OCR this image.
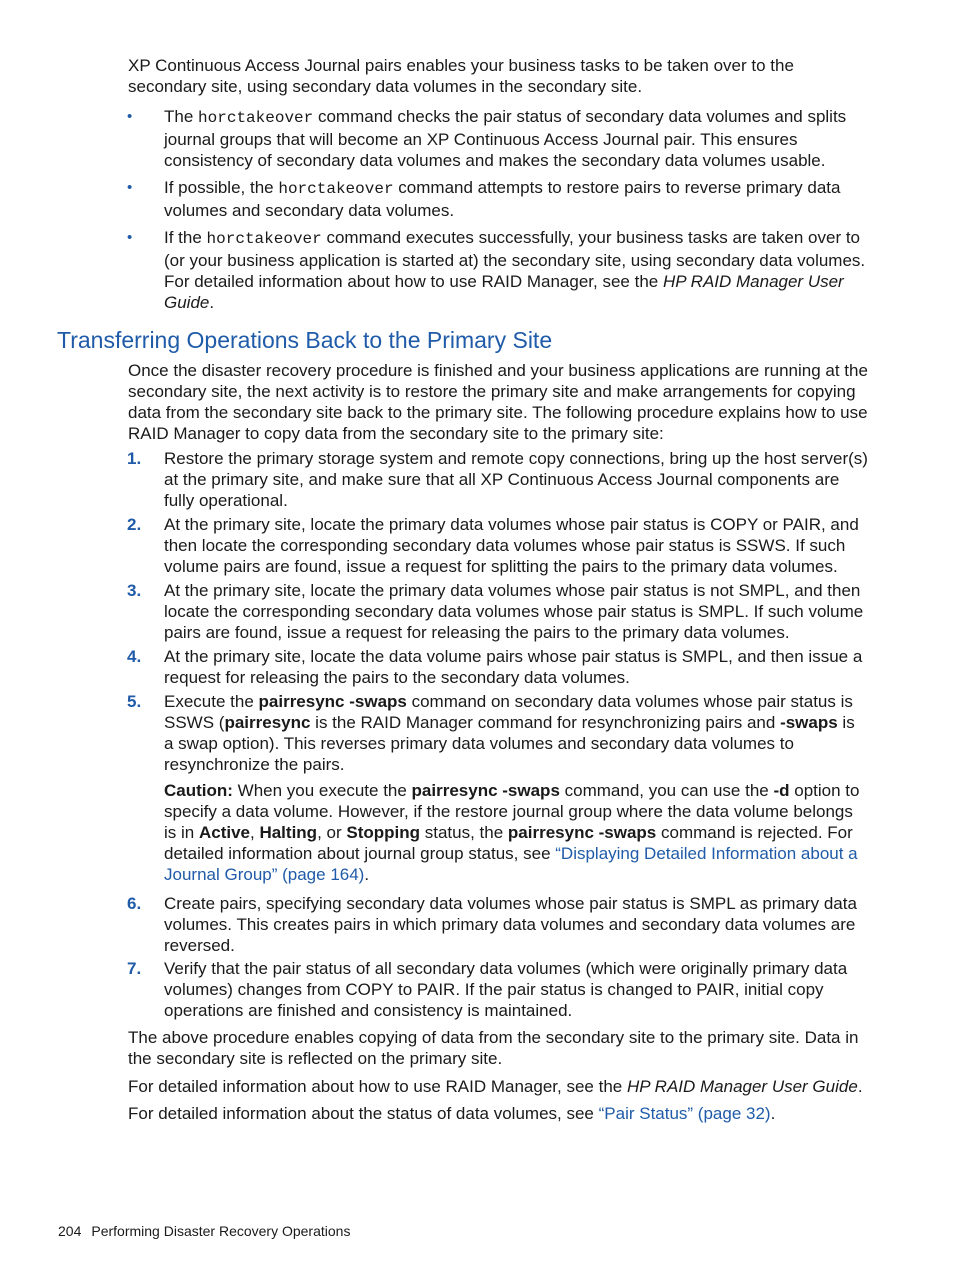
XP Continuous Access Journal pairs enables your business tasks to be taken over to the secondary site, using secondary data volumes in the secondary site.

• The horctakeover command checks the pair status of secondary data volumes and splits journal groups that will become an XP Continuous Access Journal pair. This ensures consistency of secondary data volumes and makes the secondary data volumes usable.
• If possible, the horctakeover command attempts to restore pairs to reverse primary data volumes and secondary data volumes.
• If the horctakeover command executes successfully, your business tasks are taken over to (or your business application is started at) the secondary site, using secondary data volumes. For detailed information about how to use RAID Manager, see the HP RAID Manager User Guide.
Transferring Operations Back to the Primary Site

Once the disaster recovery procedure is finished and your business applications are running at the secondary site, the next activity is to restore the primary site and make arrangements for copying data from the secondary site back to the primary site. The following procedure explains how to use RAID Manager to copy data from the secondary site to the primary site:

1. Restore the primary storage system and remote copy connections, bring up the host server(s) at the primary site, and make sure that all XP Continuous Access Journal components are fully operational.
2. At the primary site, locate the primary data volumes whose pair status is COPY or PAIR, and then locate the corresponding secondary data volumes whose pair status is SSWS. If such volume pairs are found, issue a request for splitting the pairs to the primary data volumes.
3. At the primary site, locate the primary data volumes whose pair status is not SMPL, and then locate the corresponding secondary data volumes whose pair status is SMPL. If such volume pairs are found, issue a request for releasing the pairs to the primary data volumes.
4. At the primary site, locate the data volume pairs whose pair status is SMPL, and then issue a request for releasing the pairs to the secondary data volumes.
5. Execute the pairresync -swaps command on secondary data volumes whose pair status is SSWS (pairresync is the RAID Manager command for resynchronizing pairs and -swaps is a swap option). This reverses primary data volumes and secondary data volumes to resynchronize the pairs.

Caution: When you execute the pairresync -swaps command, you can use the -d option to specify a data volume. However, if the restore journal group where the data volume belongs is in Active, Halting, or Stopping status, the pairresync -swaps command is rejected. For detailed information about journal group status, see “Displaying Detailed Information about a Journal Group” (page 164).

6. Create pairs, specifying secondary data volumes whose pair status is SMPL as primary data volumes. This creates pairs in which primary data volumes and secondary data volumes are reversed.
7. Verify that the pair status of all secondary data volumes (which were originally primary data volumes) changes from COPY to PAIR. If the pair status is changed to PAIR, initial copy operations are finished and consistency is maintained.

The above procedure enables copying of data from the secondary site to the primary site. Data in the secondary site is reflected on the primary site.

For detailed information about how to use RAID Manager, see the HP RAID Manager User Guide.

For detailed information about the status of data volumes, see “Pair Status” (page 32).

204 Performing Disaster Recovery Operations
